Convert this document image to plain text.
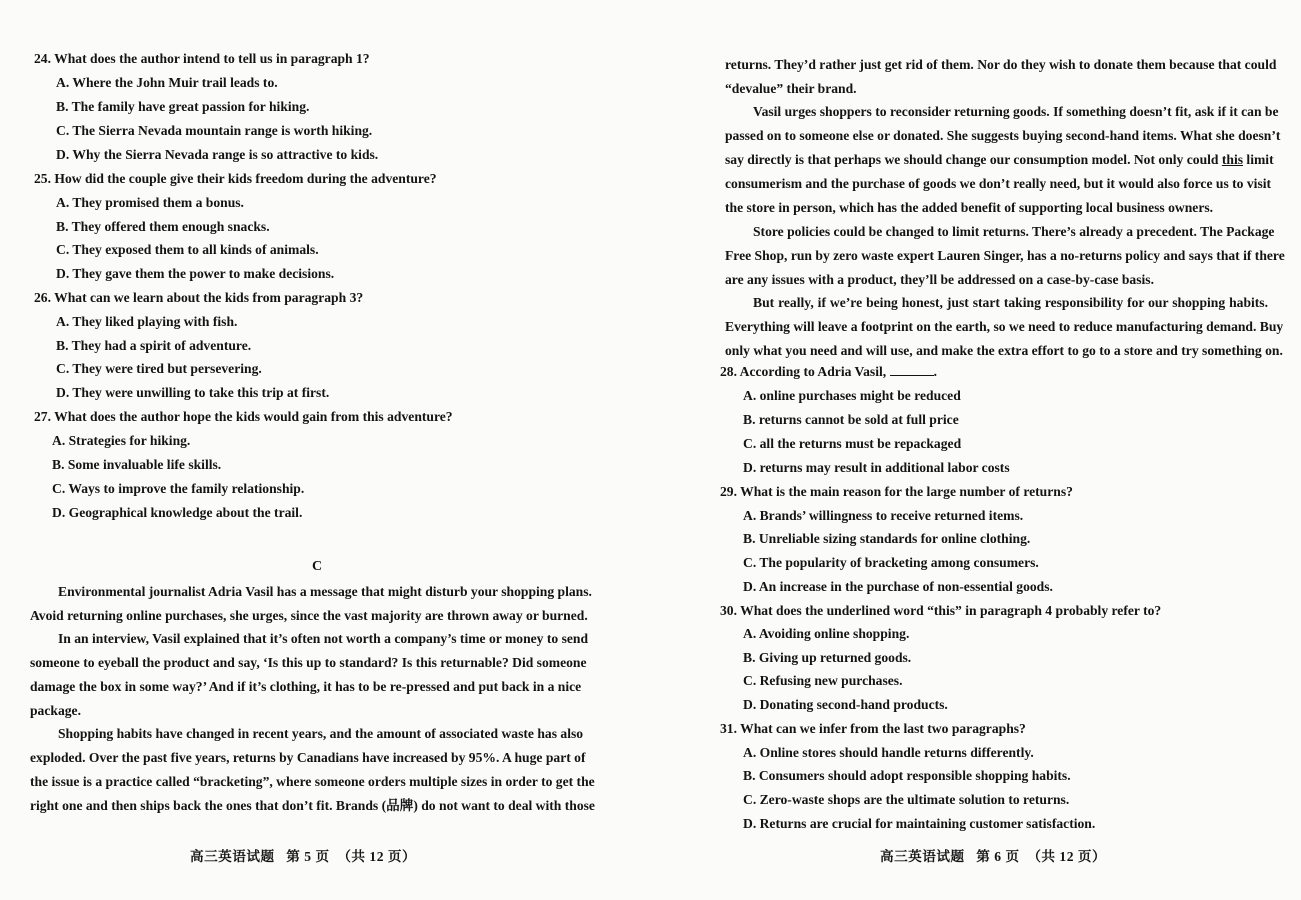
24. What does the author intend to tell us in paragraph 1?
A. Where the John Muir trail leads to.
B. The family have great passion for hiking.
C. The Sierra Nevada mountain range is worth hiking.
D. Why the Sierra Nevada range is so attractive to kids.
25. How did the couple give their kids freedom during the adventure?
A. They promised them a bonus.
B. They offered them enough snacks.
C. They exposed them to all kinds of animals.
D. They gave them the power to make decisions.
26. What can we learn about the kids from paragraph 3?
A. They liked playing with fish.
B. They had a spirit of adventure.
C. They were tired but persevering.
D. They were unwilling to take this trip at first.
27. What does the author hope the kids would gain from this adventure?
A. Strategies for hiking.
B. Some invaluable life skills.
C. Ways to improve the family relationship.
D. Geographical knowledge about the trail.
C
Environmental journalist Adria Vasil has a message that might disturb your shopping plans.
Avoid returning online purchases, she urges, since the vast majority are thrown away or burned.
In an interview, Vasil explained that it’s often not worth a company’s time or money to send
someone to eyeball the product and say, ‘Is this up to standard? Is this returnable? Did someone
damage the box in some way?’ And if it’s clothing, it has to be re-pressed and put back in a nice
package.
Shopping habits have changed in recent years, and the amount of associated waste has also
exploded. Over the past five years, returns by Canadians have increased by 95%. A huge part of
the issue is a practice called “bracketing”, where someone orders multiple sizes in order to get the
right one and then ships back the ones that don’t fit. Brands (品牌) do not want to deal with those
高三英语试题   第 5 页  （共 12 页）
returns. They’d rather just get rid of them. Nor do they wish to donate them because that could
“devalue” their brand.
Vasil urges shoppers to reconsider returning goods. If something doesn’t fit, ask if it can be
passed on to someone else or donated. She suggests buying second-hand items. What she doesn’t
say directly is that perhaps we should change our consumption model. Not only could this limit
consumerism and the purchase of goods we don’t really need, but it would also force us to visit
the store in person, which has the added benefit of supporting local business owners.
Store policies could be changed to limit returns. There’s already a precedent. The Package
Free Shop, run by zero waste expert Lauren Singer, has a no-returns policy and says that if there
are any issues with a product, they’ll be addressed on a case-by-case basis.
But really, if we’re being honest, just start taking responsibility for our shopping habits.
Everything will leave a footprint on the earth, so we need to reduce manufacturing demand. Buy
only what you need and will use, and make the extra effort to go to a store and try something on.
28. According to Adria Vasil,	.
A. online purchases might be reduced
B. returns cannot be sold at full price
C. all the returns must be repackaged
D. returns may result in additional labor costs
29. What is the main reason for the large number of returns?
A. Brands’ willingness to receive returned items.
B. Unreliable sizing standards for online clothing.
C. The popularity of bracketing among consumers.
D. An increase in the purchase of non-essential goods.
30. What does the underlined word “this” in paragraph 4 probably refer to?
A. Avoiding online shopping.
B. Giving up returned goods.
C. Refusing new purchases.
D. Donating second-hand products.
31. What can we infer from the last two paragraphs?
A. Online stores should handle returns differently.
B. Consumers should adopt responsible shopping habits.
C. Zero-waste shops are the ultimate solution to returns.
D. Returns are crucial for maintaining customer satisfaction.
高三英语试题   第 6 页  （共 12 页）
